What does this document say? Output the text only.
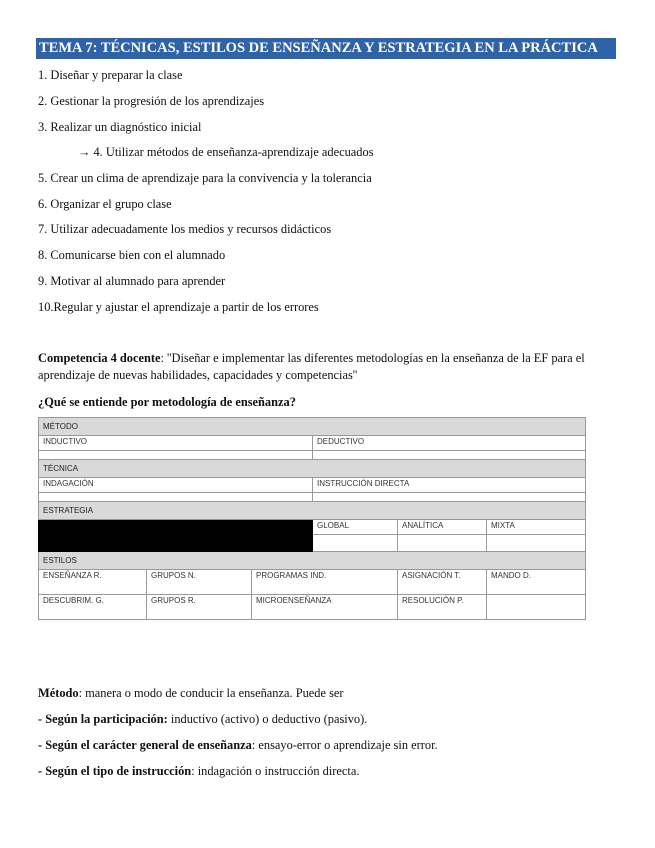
TEMA 7: TÉCNICAS, ESTILOS DE ENSEÑANZA Y ESTRATEGIA EN LA PRÁCTICA
1. Diseñar y preparar la clase
2. Gestionar la progresión de los aprendizajes
3. Realizar un diagnóstico inicial
→ 4. Utilizar métodos de enseñanza-aprendizaje adecuados
5. Crear un clima de aprendizaje para la convivencia y la tolerancia
6. Organizar el grupo clase
7. Utilizar adecuadamente los medios y recursos didácticos
8. Comunicarse bien con el alumnado
9. Motivar al alumnado para aprender
10.Regular y ajustar el aprendizaje a partir de los errores
Competencia 4 docente: ''Diseñar e implementar las diferentes metodologías en la enseñanza de la EF para el aprendizaje de nuevas habilidades, capacidades y competencias''
¿Qué se entiende por metodología de enseñanza?
MÉTODO					
INDUCTIVO			DEDUCTIVO		

TÉCNICA					
INDAGACIÓN			INSTRUCCIÓN DIRECTA		

ESTRATEGIA					
			GLOBAL	ANALÍTICA	MIXTA

ESTILOS					
ENSEÑANZA R.	GRUPOS N.	PROGRAMAS IND.		ASIGNACIÓN T.	MANDO D.
DESCUBRIM. G.	GRUPOS R.	MICROENSEÑANZA		RESOLUCIÓN P.	
Método: manera o modo de conducir la enseñanza. Puede ser
- Según la participación: inductivo (activo) o deductivo (pasivo).
- Según el carácter general de enseñanza: ensayo-error o aprendizaje sin error.
- Según el tipo de instrucción: indagación o instrucción directa.
